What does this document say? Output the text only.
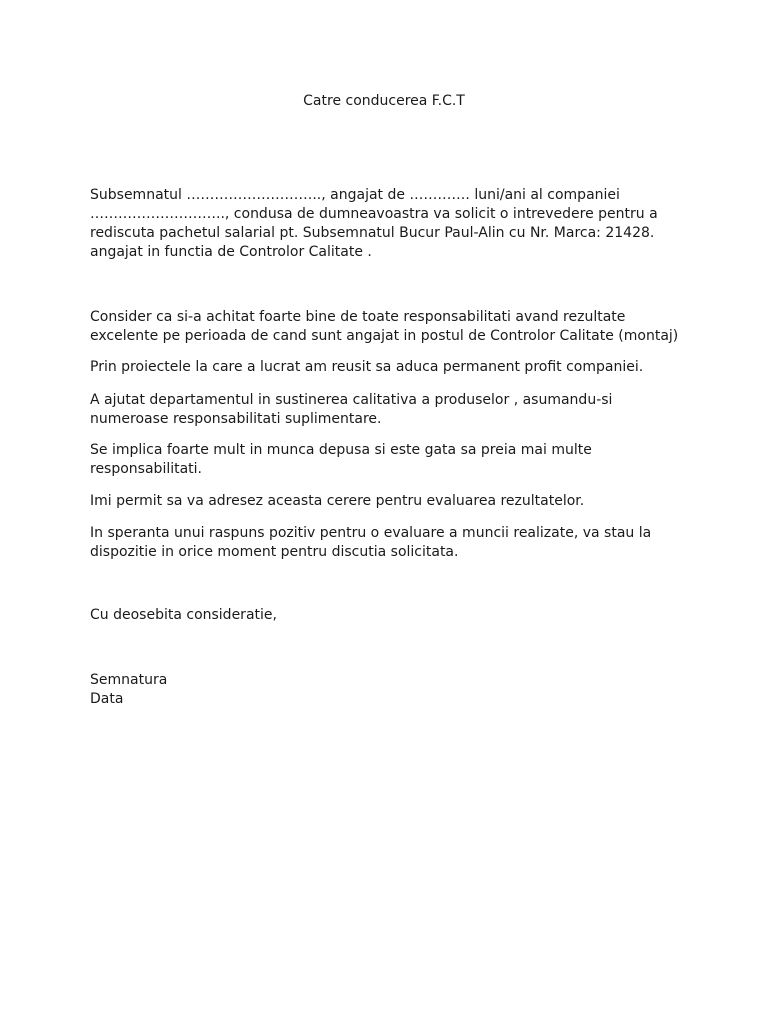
Catre conducerea F.C.T
Subsemnatul ……………………….., angajat de …………. luni/ani al companiei
……………………….., condusa de dumneavoastra va solicit o intrevedere pentru a
rediscuta pachetul salarial pt. Subsemnatul Bucur Paul-Alin cu Nr. Marca: 21428.
angajat in functia de Controlor Calitate .
Consider ca si-a achitat foarte bine de toate responsabilitati avand rezultate
excelente pe perioada de cand sunt angajat in postul de Controlor Calitate (montaj)
Prin proiectele la care a lucrat am reusit sa aduca permanent profit companiei.
A ajutat departamentul in sustinerea calitativa a produselor , asumandu-si
numeroase responsabilitati suplimentare.
Se implica foarte mult in munca depusa si este gata sa preia mai multe
responsabilitati.
Imi permit sa va adresez aceasta cerere pentru evaluarea rezultatelor.
In speranta unui raspuns pozitiv pentru o evaluare a muncii realizate, va stau la
dispozitie in orice moment pentru discutia solicitata.
Cu deosebita consideratie,
Semnatura
Data
